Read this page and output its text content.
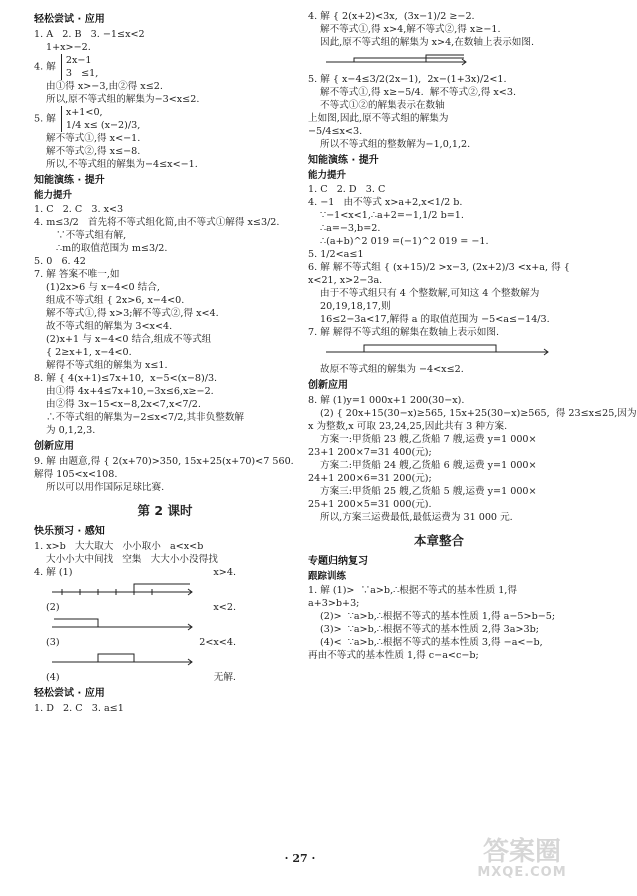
轻松尝试 · 应用
1. A   2. B   3. −1≤x<2
1+x>−2.
4. 解 2x−1
3   ≤1,
由①得 x>−3,由②得 x≤2.
所以,原不等式组的解集为−3<x≤2.
5. 解 x+1<0,
1/4 x≤ (x−2)/3,
解不等式①,得 x<−1.
解不等式②,得 x≤−8.
所以,不等式组的解集为−4≤x<−1.
知能演练 · 提升
能力提升
1. C   2. C   3. x<3
4. m≤3/2   首先将不等式组化简,由不等式①解得 x≤3/2.
∵不等式组有解,
∴m的取值范围为 m≤3/2.
5. 0   6. 42
7. 解 答案不唯一,如
(1)2x>6 与 x−4<0 结合,
组成不等式组 { 2x>6, x−4<0.
解不等式①,得 x>3;解不等式②,得 x<4.
故不等式组的解集为 3<x<4.
(2)x+1 与 x−4<0 结合,组成不等式组
{ 2≥x+1, x−4<0.
解得不等式组的解集为 x≤1.
8. 解 { 4(x+1)≤7x+10,  x−5<(x−8)/3.
由①得 4x+4≤7x+10,−3x≤6,x≥−2.
由②得 3x−15<x−8,2x<7,x<7/2.
∴不等式组的解集为−2≤x<7/2,其非负整数解
为 0,1,2,3.
创新应用
9. 解 由题意,得 { 2(x+70)>350, 15x+25(x+70)<7 560. 解得 105<x<108.
所以可以用作国际足球比赛.
第 2 课时
快乐预习 · 感知
1. x>b   大大取大   小小取小   a<x<b
大小小大中间找   空集   大大小小没得找
4. 解 (1)	x>4.
(2)	x<2.
(3)	2<x<4.
(4)	无解.
轻松尝试 · 应用
1. D   2. C   3. a≤1
4. 解 { 2(x+2)<3x,  (3x−1)/2 ≥−2.
解不等式①,得 x>4,解不等式②,得 x≥−1.
因此,原不等式组的解集为 x>4,在数轴上表示如图.
5. 解 { x−4≤3/2(2x−1),  2x−(1+3x)/2<1.
解不等式①,得 x≥−5/4.  解不等式②,得 x<3.
不等式①②的解集表示在数轴
上如图,因此,原不等式组的解集为
−5/4≤x<3.
所以不等式组的整数解为−1,0,1,2.
知能演练 · 提升
能力提升
1. C   2. D   3. C
4. −1   由不等式 x>a+2,x<1/2 b.
∵−1<x<1,∴a+2=−1,1/2 b=1.
∴a=−3,b=2.
∴(a+b)^2 019 =(−1)^2 019 = −1.
5. 1/2<a≤1
6. 解 解不等式组 { (x+15)/2 >x−3, (2x+2)/3 <x+a, 得 { x<21, x>2−3a.
由于不等式组只有 4 个整数解,可知这 4 个整数解为 20,19,18,17,则
16≤2−3a<17,解得 a 的取值范围为 −5<a≤−14/3.
7. 解 解得不等式组的解集在数轴上表示如图.
故原不等式组的解集为 −4<x≤2.
创新应用
8. 解 (1)y=1 000x+1 200(30−x).
(2) { 20x+15(30−x)≥565, 15x+25(30−x)≥565,  得 23≤x≤25,因为
x 为整数,x 可取 23,24,25,因此共有 3 种方案.
方案一:甲货船 23 艘,乙货船 7 艘,运费 y=1 000×
23+1 200×7=31 400(元);
方案二:甲货船 24 艘,乙货船 6 艘,运费 y=1 000×
24+1 200×6=31 200(元);
方案三:甲货船 25 艘,乙货船 5 艘,运费 y=1 000×
25+1 200×5=31 000(元).
所以,方案三运费最低,最低运费为 31 000 元.
本章整合
专题归纳复习
跟踪训练
1. 解 (1)>  ∵a>b,∴根据不等式的基本性质 1,得
a+3>b+3;
(2)>  ∵a>b,∴根据不等式的基本性质 1,得 a−5>b−5;
(3)>  ∵a>b,∴根据不等式的基本性质 2,得 3a>3b;
(4)<  ∵a>b,∴根据不等式的基本性质 3,得 −a<−b,
再由不等式的基本性质 1,得 c−a<c−b;
· 27 ·	答案圈
MXQE.COM
